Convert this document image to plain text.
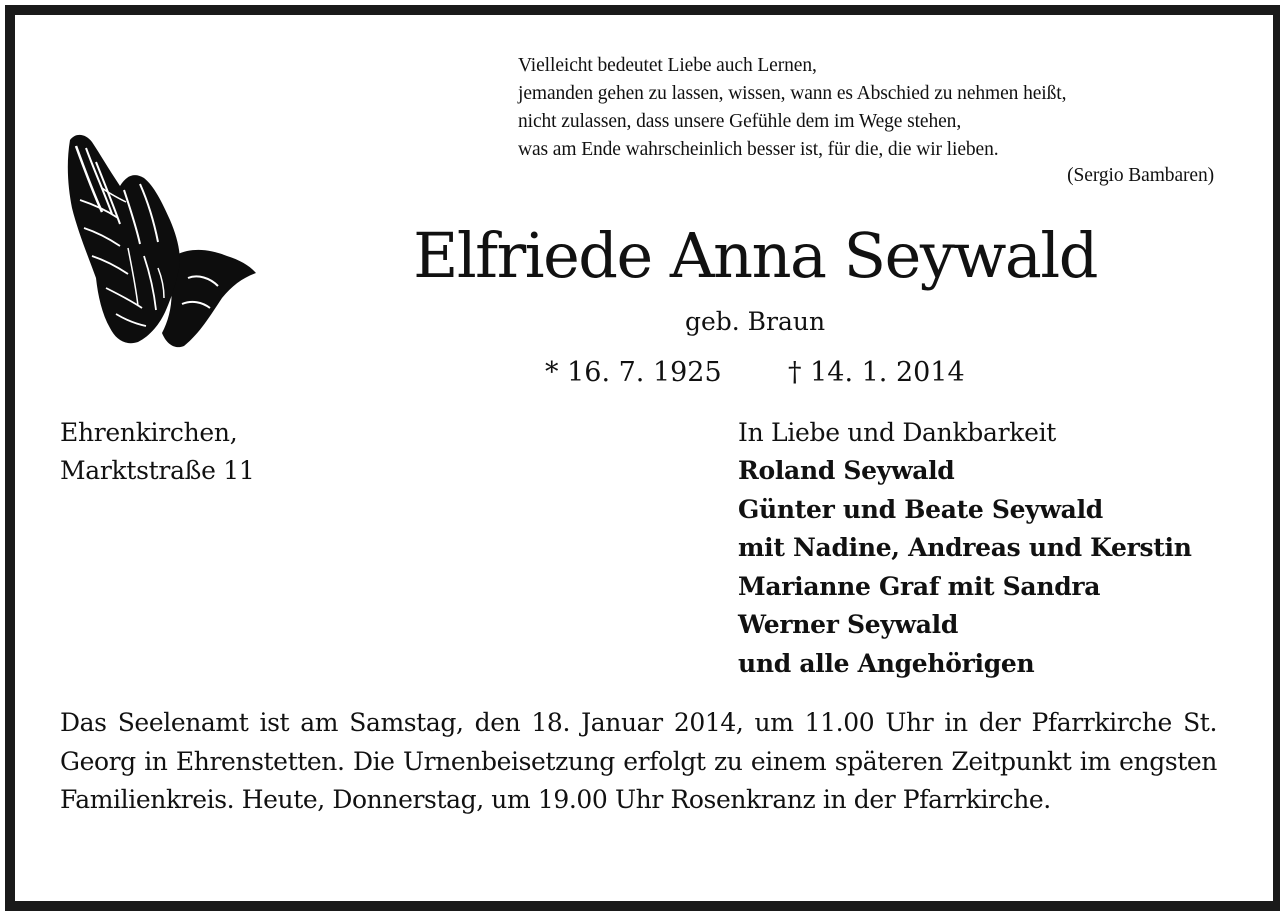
Vielleicht bedeutet Liebe auch Lernen,
jemanden gehen zu lassen, wissen, wann es Abschied zu nehmen heißt,
nicht zulassen, dass unsere Gefühle dem im Wege stehen,
was am Ende wahrscheinlich besser ist, für die, die wir lieben.
(Sergio Bambaren)
Elfriede Anna Seywald
geb. Braun
* 16. 7. 1925 † 14. 1. 2014
Ehrenkirchen,
Marktstraße 11
In Liebe und Dankbarkeit
Roland Seywald
Günter und Beate Seywald
mit Nadine, Andreas und Kerstin
Marianne Graf mit Sandra
Werner Seywald
und alle Angehörigen
Das Seelenamt ist am Samstag, den 18. Januar 2014, um 11.00 Uhr in der Pfarrkirche St. Georg in Ehrenstetten. Die Urnenbeisetzung erfolgt zu einem späteren Zeitpunkt im engsten Familienkreis. Heute, Donnerstag, um 19.00 Uhr Rosenkranz in der Pfarrkirche.
